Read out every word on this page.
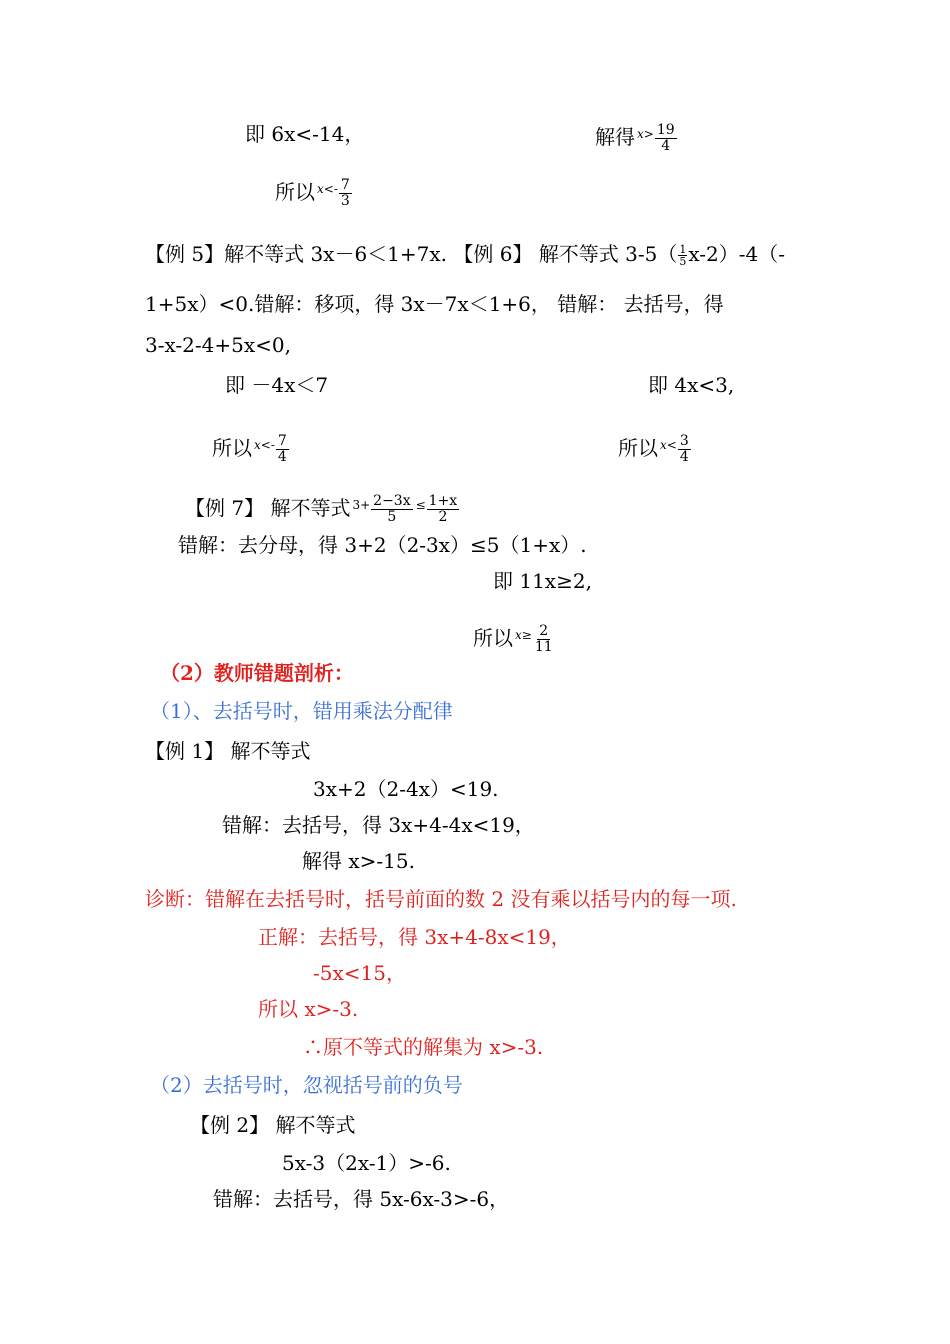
即 6x<-14，	解得 $^{x>} \frac{19}{4}$
所以 $^{x<-} \frac{7}{3}$
【例 5】解不等式 3x－6＜1+7x. 【例 6】 解不等式 $3-5( \frac{1}{5} x-2)-4(-$
1+5x）<0.错解：移项，得 3x－7x＜1+6， 错解： 去括号，得
3-x-2-4+5x<0,
即 －4x＜7	即 4x<3,
所以 $^{x<-} \frac{7}{4}$	所以 $^{x<} \frac{3}{4}$
【例 7】 解不等式 $^{3+} \frac{2-3x}{5} ^\le \frac{1+x}{2}$
错解：去分母，得 3+2（2-3x）≤5（1+x）.
即 11x≥2,
所以 $^{x\ge} \frac{2}{11}$
（2）教师错题剖析：
（1）、去括号时，错用乘法分配律
【例 1】 解不等式
3x+2（2-4x）<19.
错解：去括号，得 3x+4-4x<19，
解得 x>-15.
诊断：错解在去括号时，括号前面的数 2 没有乘以括号内的每一项.
正解：去括号，得 3x+4-8x<19，
-5x<15，
所以 x>-3.
∴原不等式的解集为 x>-3.
（2）去括号时，忽视括号前的负号
【例 2】 解不等式
5x-3（2x-1）>-6.
错解：去括号，得 5x-6x-3>-6，
